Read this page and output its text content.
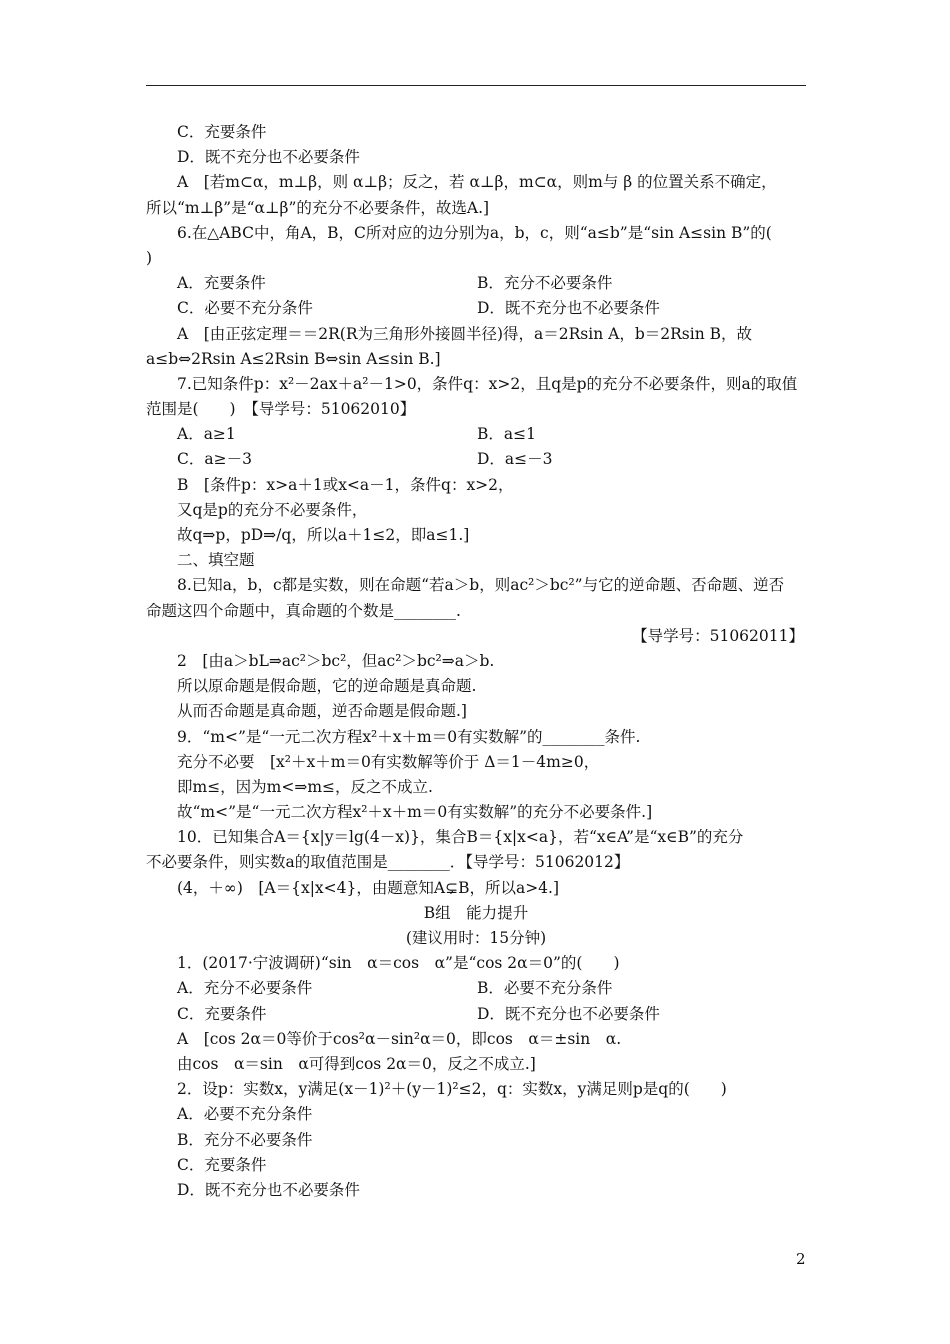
C．充要条件
D．既不充分也不必要条件
A　[若m⊂α，m⊥β，则 α⊥β；反之，若 α⊥β，m⊂α，则m与 β 的位置关系不确定，
所以“m⊥β”是“α⊥β”的充分不必要条件，故选A.]
6.在△ABC中，角A，B，C所对应的边分别为a，b，c，则“a≤b”是“sin A≤sin B”的(
)
A．充要条件	B．充分不必要条件
C．必要不充分条件	D．既不充分也不必要条件
A　[由正弦定理＝＝2R(R为三角形外接圆半径)得，a＝2Rsin A，b＝2Rsin B，故
a≤b⇔2Rsin A≤2Rsin B⇔sin A≤sin B.]
7.已知条件p：x²－2ax＋a²－1>0，条件q：x>2，且q是p的充分不必要条件，则a的取值
范围是(　　)　【导学号：51062010】
A．a≥1	B．a≤1
C．a≥－3	D．a≤－3
B　[条件p：x>a＋1或x<a－1，条件q：x>2，
又q是p的充分不必要条件，
故q⇒p，pD⇒/q，所以a＋1≤2，即a≤1.]
二、填空题
8.已知a，b，c都是实数，则在命题“若a＞b，则ac²＞bc²”与它的逆命题、否命题、逆否
命题这四个命题中，真命题的个数是________.
【导学号：51062011】
2　[由a＞bL⇒ac²＞bc²，但ac²＞bc²⇒a＞b.
所以原命题是假命题，它的逆命题是真命题.
从而否命题是真命题，逆否命题是假命题.]
9．“m<”是“一元二次方程x²＋x＋m＝0有实数解”的________条件.
充分不必要　[x²＋x＋m＝0有实数解等价于 Δ＝1－4m≥0，
即m≤，因为m<⇒m≤，反之不成立.
故“m<”是“一元二次方程x²＋x＋m＝0有实数解”的充分不必要条件.]
10．已知集合A＝{x|y＝lg(4－x)}，集合B＝{x|x<a}，若“x∈A”是“x∈B”的充分
不必要条件，则实数a的取值范围是________．【导学号：51062012】
(4，＋∞)　[A＝{x|x<4}，由题意知A⊊B，所以a>4.]
B组　能力提升
(建议用时：15分钟)
1．(2017·宁波调研)“sin　α＝cos　α”是“cos 2α＝0”的(　　)
A．充分不必要条件	B．必要不充分条件
C．充要条件	D．既不充分也不必要条件
A　[cos 2α＝0等价于cos²α－sin²α＝0，即cos　α＝±sin　α.
由cos　α＝sin　α可得到cos 2α＝0，反之不成立.]
2．设p：实数x，y满足(x－1)²＋(y－1)²≤2，q：实数x，y满足则p是q的(　　)
A．必要不充分条件
B．充分不必要条件
C．充要条件
D．既不充分也不必要条件
2
